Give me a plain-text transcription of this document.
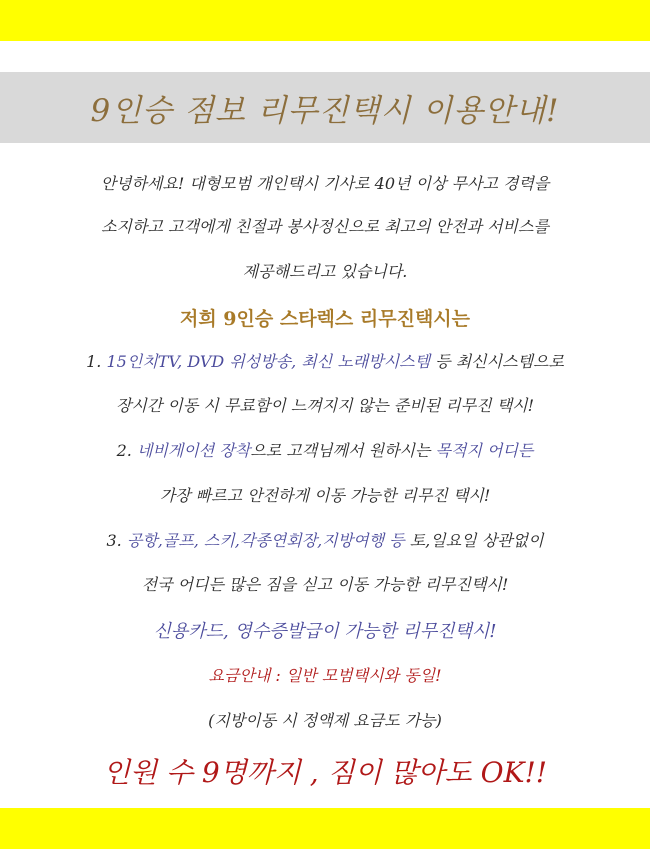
9인승 점보 리무진택시 이용안내!
안녕하세요! 대형모범 개인택시 기사로 40년 이상 무사고 경력을
소지하고 고객에게 친절과 봉사정신으로 최고의 안전과 서비스를
제공해드리고 있습니다.
저희 9인승 스타렉스 리무진택시는
1. 15인치TV, DVD 위성방송, 최신 노래방시스템 등 최신시스템으로
장시간 이동 시 무료함이 느껴지지 않는 준비된 리무진 택시!
2. 네비게이션 장착으로 고객님께서 원하시는 목적지 어디든
가장 빠르고 안전하게 이동 가능한 리무진 택시!
3. 공항,골프, 스키,각종연회장,지방여행 등 토,일요일 상관없이
전국 어디든 많은 짐을 싣고 이동 가능한 리무진택시!
신용카드, 영수증발급이 가능한 리무진택시!
요금안내 : 일반 모범택시와 동일!
(지방이동 시 정액제 요금도 가능)
인원 수 9명까지 , 짐이 많아도 OK!!
